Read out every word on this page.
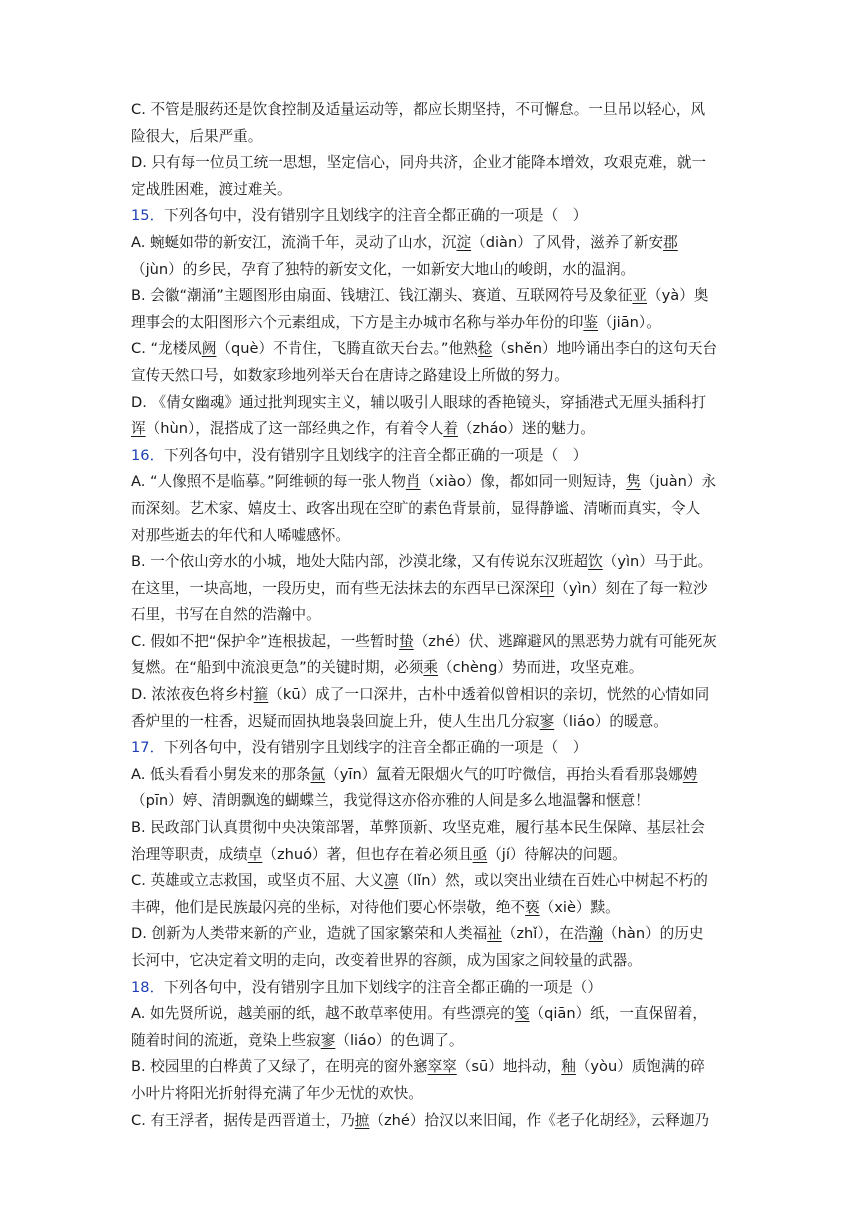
C. 不管是服药还是饮食控制及适量运动等，都应长期坚持，不可懈怠。一旦吊以轻心，风
险很大，后果严重。
D. 只有每一位员工统一思想，坚定信心，同舟共济，企业才能降本增效，攻艰克难，就一
定战胜困难，渡过难关。
15．下列各句中，没有错别字且划线字的注音全都正确的一项是（　）
A. 蜿蜒如带的新安江，流淌千年，灵动了山水，沉淀（diàn）了风骨，滋养了新安郡
（jùn）的乡民，孕育了独特的新安文化，一如新安大地山的峻朗，水的温润。
B. 会徽“潮涌”主题图形由扇面、钱塘江、钱江潮头、赛道、互联网符号及象征亚（yà）奥
理事会的太阳图形六个元素组成，下方是主办城市名称与举办年份的印鉴（jiān）。
C. “龙楼凤阙（què）不肯住，飞腾直欲天台去。”他熟稔（shěn）地吟诵出李白的这句天台
宣传天然口号，如数家珍地列举天台在唐诗之路建设上所做的努力。
D. 《倩女幽魂》通过批判现实主义，辅以吸引人眼球的香艳镜头，穿插港式无厘头插科打
诨（hùn），混搭成了这一部经典之作，有着令人着（zháo）迷的魅力。
16．下列各句中，没有错别字且划线字的注音全都正确的一项是（　）
A. “人像照不是临摹。”阿维顿的每一张人物肖（xiào）像，都如同一则短诗，隽（juàn）永
而深刻。艺术家、嬉皮士、政客出现在空旷的素色背景前，显得静谧、清晰而真实，令人
对那些逝去的年代和人唏嘘感怀。
B. 一个依山旁水的小城，地处大陆内部，沙漠北缘，又有传说东汉班超饮（yìn）马于此。
在这里，一块高地，一段历史，而有些无法抹去的东西早已深深印（yìn）刻在了每一粒沙
石里，书写在自然的浩瀚中。
C. 假如不把“保护伞”连根拔起，一些暂时蛰（zhé）伏、逃蹿避风的黑恶势力就有可能死灰
复燃。在“船到中流浪更急”的关键时期，必须乘（chèng）势而进，攻坚克难。
D. 浓浓夜色将乡村箍（kū）成了一口深井，古朴中透着似曾相识的亲切，恍然的心情如同
香炉里的一柱香，迟疑而固执地袅袅回旋上升，使人生出几分寂寥（liáo）的暖意。
17．下列各句中，没有错别字且划线字的注音全都正确的一项是（　）
A. 低头看看小舅发来的那条氤（yīn）氲着无限烟火气的叮咛微信，再抬头看看那袅娜娉
（pīn）婷、清朗飘逸的蝴蝶兰，我觉得这亦俗亦雅的人间是多么地温馨和惬意！
B. 民政部门认真贯彻中央决策部署，革弊顶新、攻坚克难，履行基本民生保障、基层社会
治理等职责，成绩卓（zhuó）著，但也存在着必须且亟（jí）待解决的问题。
C. 英雄或立志救国，或坚贞不屈、大义凛（lǐn）然，或以突出业绩在百姓心中树起不朽的
丰碑，他们是民族最闪亮的坐标，对待他们要心怀崇敬，绝不亵（xiè）黩。
D. 创新为人类带来新的产业，造就了国家繁荣和人类福祉（zhǐ），在浩瀚（hàn）的历史
长河中，它决定着文明的走向，改变着世界的容颜，成为国家之间较量的武器。
18．下列各句中，没有错别字且加下划线字的注音全都正确的一项是（）
A. 如先贤所说，越美丽的纸，越不敢草率使用。有些漂亮的笺（qiān）纸，一直保留着，
随着时间的流逝，竟染上些寂寥（liáo）的色调了。
B. 校园里的白桦黄了又绿了，在明亮的窗外窸窣窣（sū）地抖动，釉（yòu）质饱满的碎
小叶片将阳光折射得充满了年少无忧的欢快。
C. 有王浮者，据传是西晋道士，乃摭（zhé）拾汉以来旧闻，作《老子化胡经》，云释迦乃
